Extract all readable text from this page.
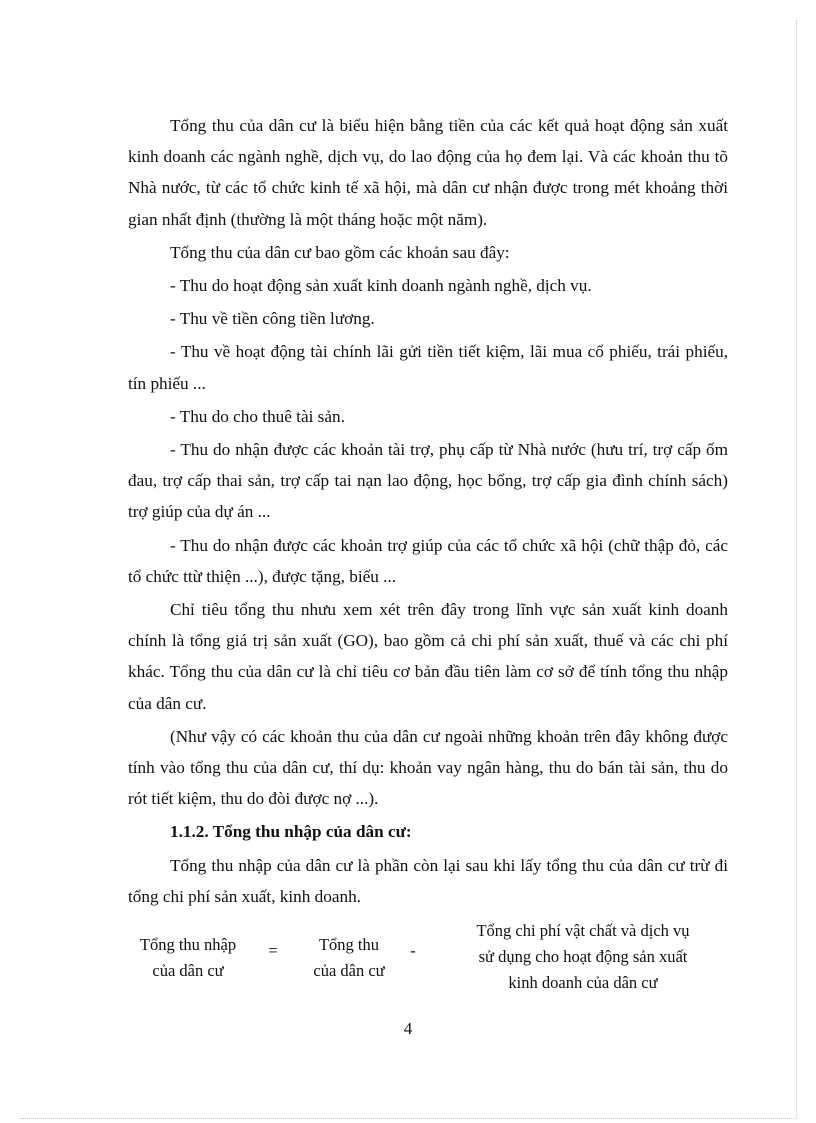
Tổng thu của dân cư là biểu hiện bằng tiền của các kết quả hoạt động sản xuất kinh doanh các ngành nghề, dịch vụ, do lao động của họ đem lại. Và các khoản thu tõ Nhà nước, từ các tổ chức kinh tế xã hội, mà dân cư nhận được trong mét khoảng thời gian nhất định (thường là một tháng hoặc một năm).

Tổng thu của dân cư bao gồm các khoản sau đây:

- Thu do hoạt động sản xuất kinh doanh ngành nghề, dịch vụ.

- Thu về tiền công tiền lương.

- Thu về hoạt động tài chính lãi gửi tiền tiết kiệm, lãi mua cổ phiếu, trái phiếu, tín phiếu ...

- Thu do cho thuê tài sản.

- Thu do nhận được các khoản tài trợ, phụ cấp từ Nhà nước (hưu trí, trợ cấp ốm đau, trợ cấp thai sản, trợ cấp tai nạn lao động, học bổng, trợ cấp gia đình chính sách) trợ giúp của dự án ...

- Thu do nhận được các khoản trợ giúp của các tổ chức xã hội (chữ thập đỏ, các tổ chức ttừ thiện ...), được tặng, biếu ...

Chỉ tiêu tổng thu nhưu xem xét trên đây trong lĩnh vực sản xuất kinh doanh chính là tổng giá trị sản xuất (GO), bao gồm cả chi phí sản xuất, thuế và các chi phí khác. Tổng thu của dân cư là chỉ tiêu cơ bản đầu tiên làm cơ sở để tính tổng thu nhập của dân cư.

(Như vậy có các khoản thu của dân cư ngoài những khoản trên đây không được tính vào tổng thu của dân cư, thí dụ: khoản vay ngân hàng, thu do bán tài sản, thu do rót tiết kiệm, thu do đòi được nợ ...).

1.1.2. Tổng thu nhập của dân cư:

Tổng thu nhập của dân cư là phần còn lại sau khi lấy tổng thu của dân cư trừ đi tổng chi phí sản xuất, kinh doanh.

Tổng thu nhập
của dân cư
=	Tổng thu
của dân cư
-
Tổng chi phí vật chất và dịch vụ
sử dụng cho hoạt động sản xuất
kinh doanh của dân cư
4
